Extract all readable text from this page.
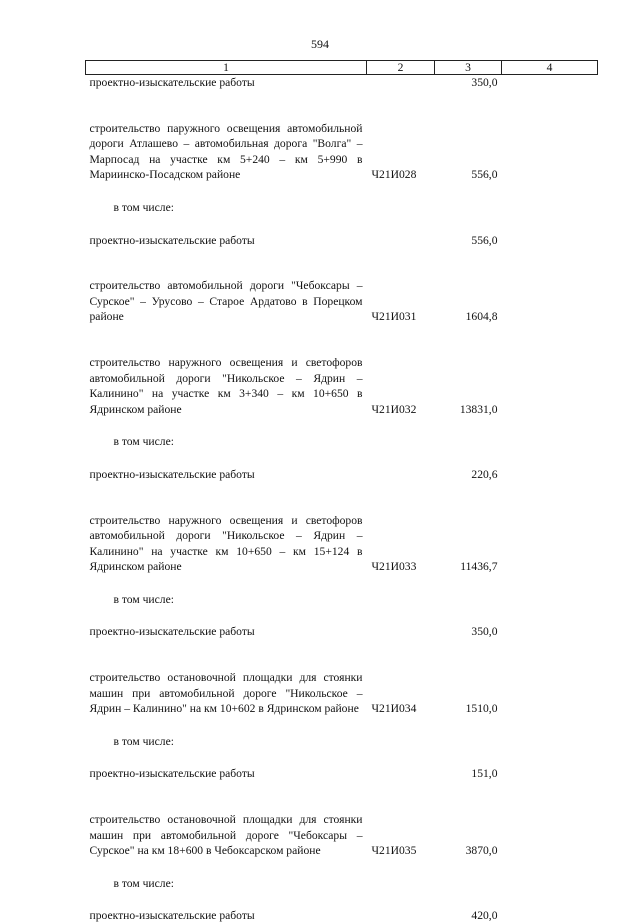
594
1	2	3	4
проектно-изыскательские работы		350,0	
строительство паружного освещения автомобильной дороги Атлашево – автомобильная дорога "Волга" – Марпосад на участке км 5+240 – км 5+990 в Мариинско-Посадском районе	Ч21И028	556,0	
в том числе:			
проектно-изыскательские работы		556,0	
строительство автомобильной дороги "Чебоксары – Сурское" – Урусово – Старое Ардатово в Порецком районе	Ч21И031	1604,8	
строительство наружного освещения и светофоров автомобильной дороги "Никольское – Ядрин – Калинино" на участке км 3+340 – км 10+650 в Ядринском районе	Ч21И032	13831,0	
в том числе:			
проектно-изыскательские работы		220,6	
строительство наружного освещения и светофоров автомобильной дороги "Никольское – Ядрин – Калинино" на участке км 10+650 – км 15+124 в Ядринском районе	Ч21И033	11436,7	
в том числе:			
проектно-изыскательские работы		350,0	
строительство остановочной площадки для стоянки машин при автомобильной дороге "Никольское – Ядрин – Калинино" на км 10+602 в Ядринском районе	Ч21И034	1510,0	
в том числе:			
проектно-изыскательские работы		151,0	
строительство остановочной площадки для стоянки машин при автомобильной дороге "Чебоксары – Сурское" на км 18+600 в Чебоксарском районе	Ч21И035	3870,0	
в том числе:			
проектно-изыскательские работы		420,0	
